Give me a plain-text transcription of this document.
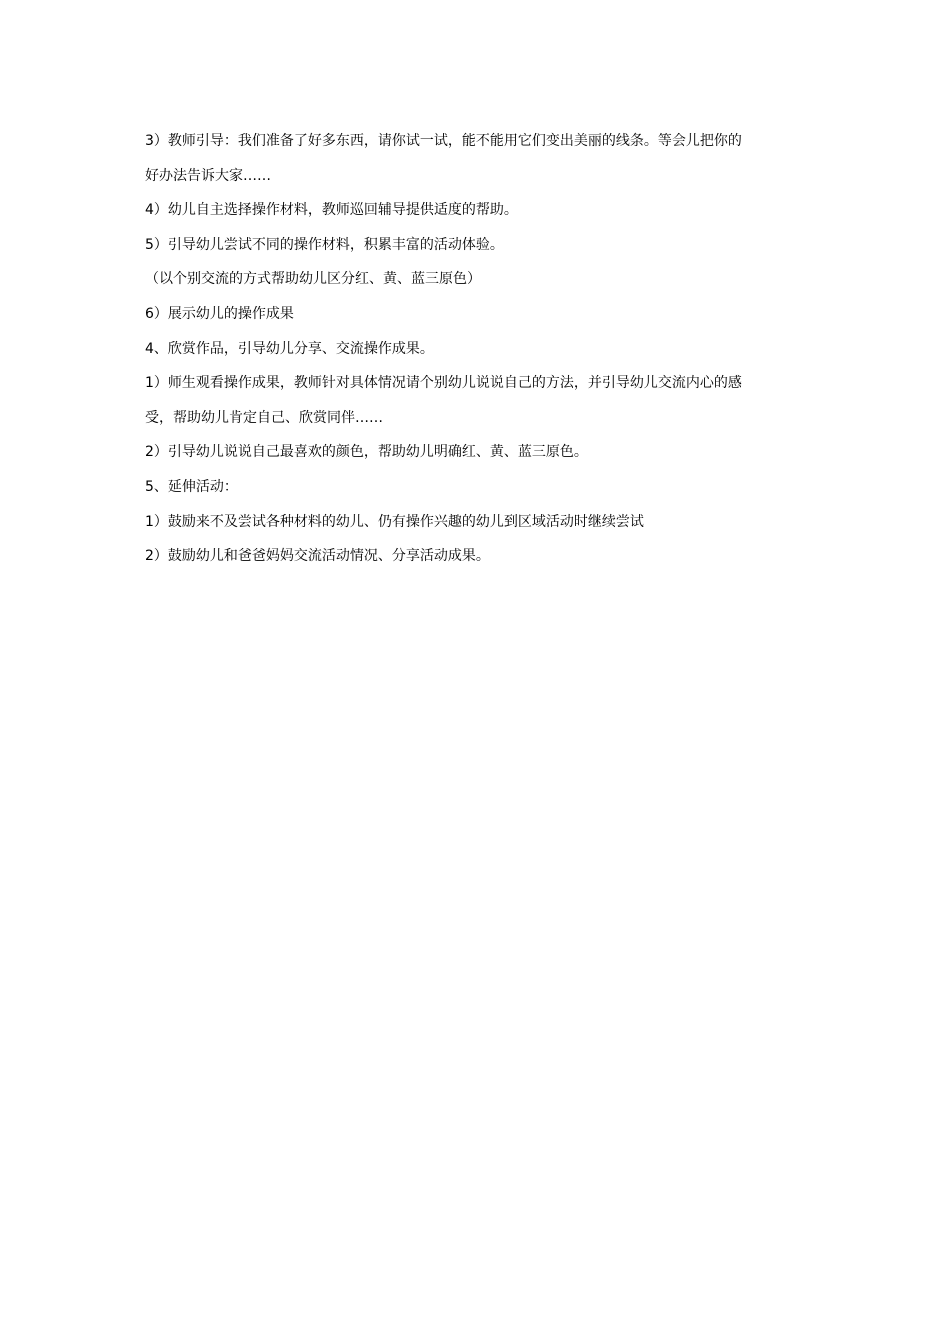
3）教师引导：我们准备了好多东西，请你试一试，能不能用它们变出美丽的线条。等会儿把你的

好办法告诉大家……

4）幼儿自主选择操作材料，教师巡回辅导提供适度的帮助。

5）引导幼儿尝试不同的操作材料，积累丰富的活动体验。

（以个别交流的方式帮助幼儿区分红、黄、蓝三原色）

6）展示幼儿的操作成果

4、欣赏作品，引导幼儿分享、交流操作成果。

1）师生观看操作成果，教师针对具体情况请个别幼儿说说自己的方法，并引导幼儿交流内心的感

受，帮助幼儿肯定自己、欣赏同伴……

2）引导幼儿说说自己最喜欢的颜色，帮助幼儿明确红、黄、蓝三原色。

5、延伸活动：

1）鼓励来不及尝试各种材料的幼儿、仍有操作兴趣的幼儿到区域活动时继续尝试

2）鼓励幼儿和爸爸妈妈交流活动情况、分享活动成果。
